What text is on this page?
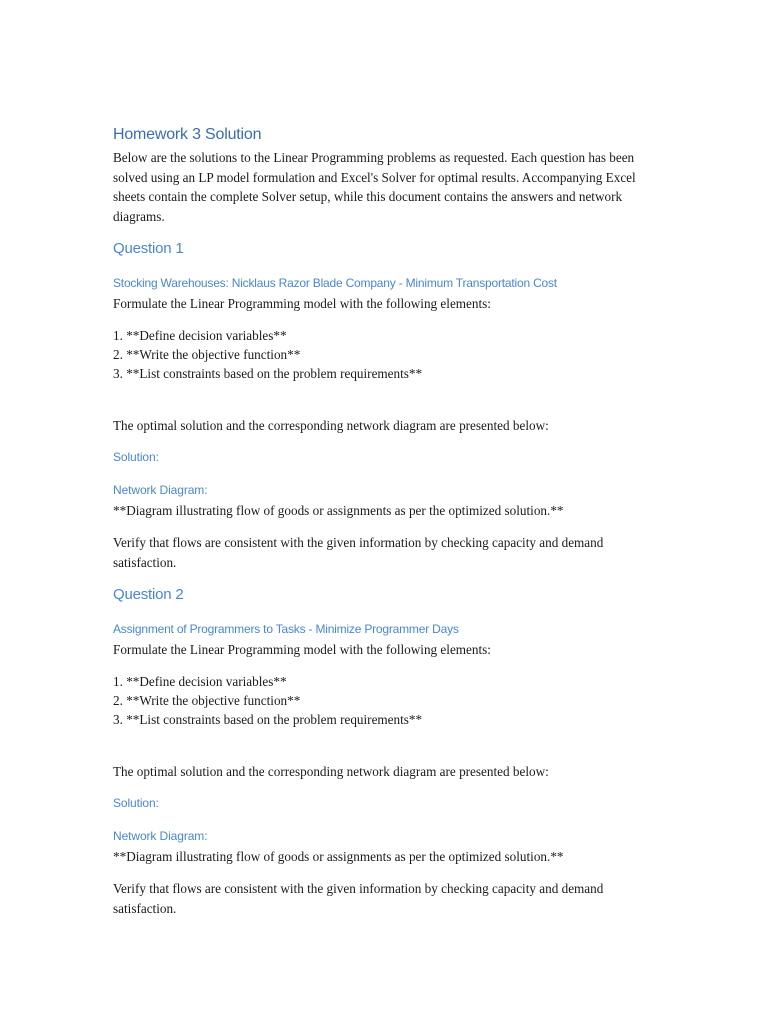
Homework 3 Solution
Below are the solutions to the Linear Programming problems as requested. Each question has been solved using an LP model formulation and Excel's Solver for optimal results. Accompanying Excel sheets contain the complete Solver setup, while this document contains the answers and network diagrams.
Question 1
Stocking Warehouses: Nicklaus Razor Blade Company - Minimum Transportation Cost
Formulate the Linear Programming model with the following elements:
1. **Define decision variables**
2. **Write the objective function**
3. **List constraints based on the problem requirements**
The optimal solution and the corresponding network diagram are presented below:
Solution:
Network Diagram:
**Diagram illustrating flow of goods or assignments as per the optimized solution.**
Verify that flows are consistent with the given information by checking capacity and demand satisfaction.
Question 2
Assignment of Programmers to Tasks - Minimize Programmer Days
Formulate the Linear Programming model with the following elements:
1. **Define decision variables**
2. **Write the objective function**
3. **List constraints based on the problem requirements**
The optimal solution and the corresponding network diagram are presented below:
Solution:
Network Diagram:
**Diagram illustrating flow of goods or assignments as per the optimized solution.**
Verify that flows are consistent with the given information by checking capacity and demand satisfaction.
